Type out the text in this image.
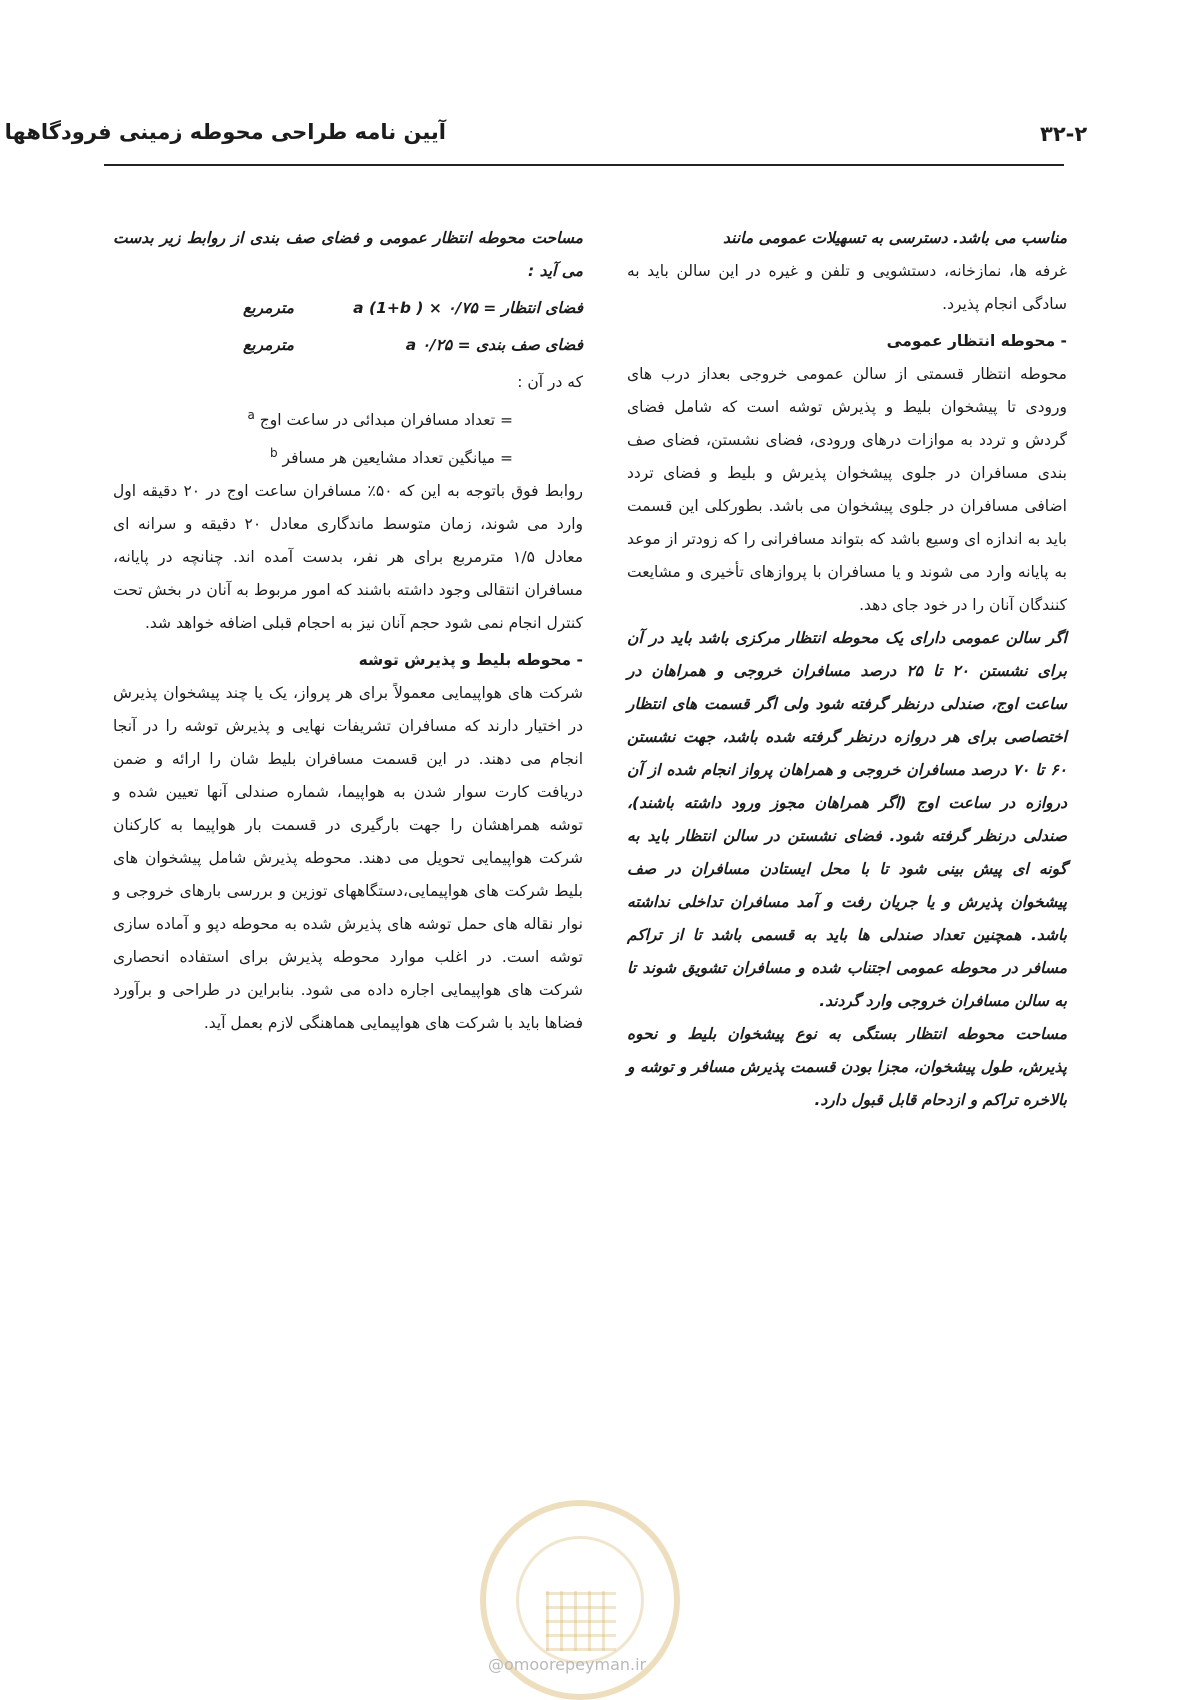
آیین نامه طراحی محوطه زمینی فرودگاهها	۳۲-۲

مناسب می باشد. دسترسی به تسهیلات عمومی مانند

غرفه ها، نمازخانه، دستشویی و تلفن و غیره در این سالن باید به سادگی انجام پذیرد.

- محوطه انتظار عمومی

محوطه انتظار قسمتی از سالن عمومی خروجی بعداز درب های ورودی تا پیشخوان بلیط و پذیرش توشه است که شامل فضای گردش و تردد به موازات درهای ورودی، فضای نشستن، فضای صف بندی مسافران در جلوی پیشخوان پذیرش و بلیط و فضای تردد اضافی مسافران در جلوی پیشخوان می باشد. بطورکلی این قسمت باید به اندازه ای وسیع باشد که بتواند مسافرانی را که زودتر از موعد به پایانه وارد می شوند و یا مسافران با پروازهای تأخیری و مشایعت کنندگان آنان را در خود جای دهد.

اگر سالن عمومی دارای یک محوطه انتظار مرکزی باشد باید در آن برای نشستن ۲۰ تا ۲۵ درصد مسافران خروجی و همراهان در ساعت اوج، صندلی درنظر گرفته شود ولی اگر قسمت های انتظار اختصاصی برای هر دروازه درنظر گرفته شده باشد، جهت نشستن ۶۰ تا ۷۰ درصد مسافران خروجی و همراهان پرواز انجام شده از آن دروازه در ساعت اوج (اگر همراهان مجوز ورود داشته باشند)، صندلی درنظر گرفته شود. فضای نشستن در سالن انتظار باید به گونه ای پیش بینی شود تا با محل ایستادن مسافران در صف پیشخوان پذیرش و یا جریان رفت و آمد مسافران تداخلی نداشته باشد. همچنین تعداد صندلی ها باید به قسمی باشد تا از تراکم مسافر در محوطه عمومی اجتناب شده و مسافران تشویق شوند تا به سالن مسافران خروجی وارد گردند.

مساحت محوطه انتظار بستگی به نوع پیشخوان بلیط و نحوه پذیرش، طول پیشخوان، مجزا بودن قسمت پذیرش مسافر و توشه و بالاخره تراکم و ازدحام قابل قبول دارد.

مساحت محوطه انتظار عمومی و فضای صف بندی از روابط زیر بدست می آید :

فضای انتظار = ۰/۷۵ × a (1+b )
مترمربع
فضای صف بندی = ۰/۲۵ a
مترمربع

که در آن :

= تعداد مسافران مبدائی در ساعت اوج $^a$

= میانگین تعداد مشایعین هر مسافر $^b$

روابط فوق باتوجه به این که ۵۰٪ مسافران ساعت اوج در ۲۰ دقیقه اول وارد می شوند، زمان متوسط ماندگاری معادل ۲۰ دقیقه و سرانه ای معادل ۱/۵ مترمربع برای هر نفر، بدست آمده اند. چنانچه در پایانه، مسافران انتقالی وجود داشته باشند که امور مربوط به آنان در بخش تحت کنترل انجام نمی شود حجم آنان نیز به احجام قبلی اضافه خواهد شد.

- محوطه بلیط و پذیرش توشه

شرکت های هواپیمایی معمولاً برای هر پرواز، یک یا چند پیشخوان پذیرش در اختیار دارند که مسافران تشریفات نهایی و پذیرش توشه را در آنجا انجام می دهند. در این قسمت مسافران بلیط شان را ارائه و ضمن دریافت کارت سوار شدن به هواپیما، شماره صندلی آنها تعیین شده و توشه همراهشان را جهت بارگیری در قسمت بار هواپیما به کارکنان شرکت هواپیمایی تحویل می دهند. محوطه پذیرش شامل پیشخوان های بلیط شرکت های هواپیمایی،دستگاههای توزین و بررسی بارهای خروجی و نوار نقاله های حمل توشه های پذیرش شده به محوطه دپو و آماده سازی توشه است. در اغلب موارد محوطه پذیرش برای استفاده انحصاری شرکت های هواپیمایی اجاره داده می شود. بنابراین در طراحی و برآورد فضاها باید با شرکت های هواپیمایی هماهنگی لازم بعمل آید.

@omoorepeyman.ir
